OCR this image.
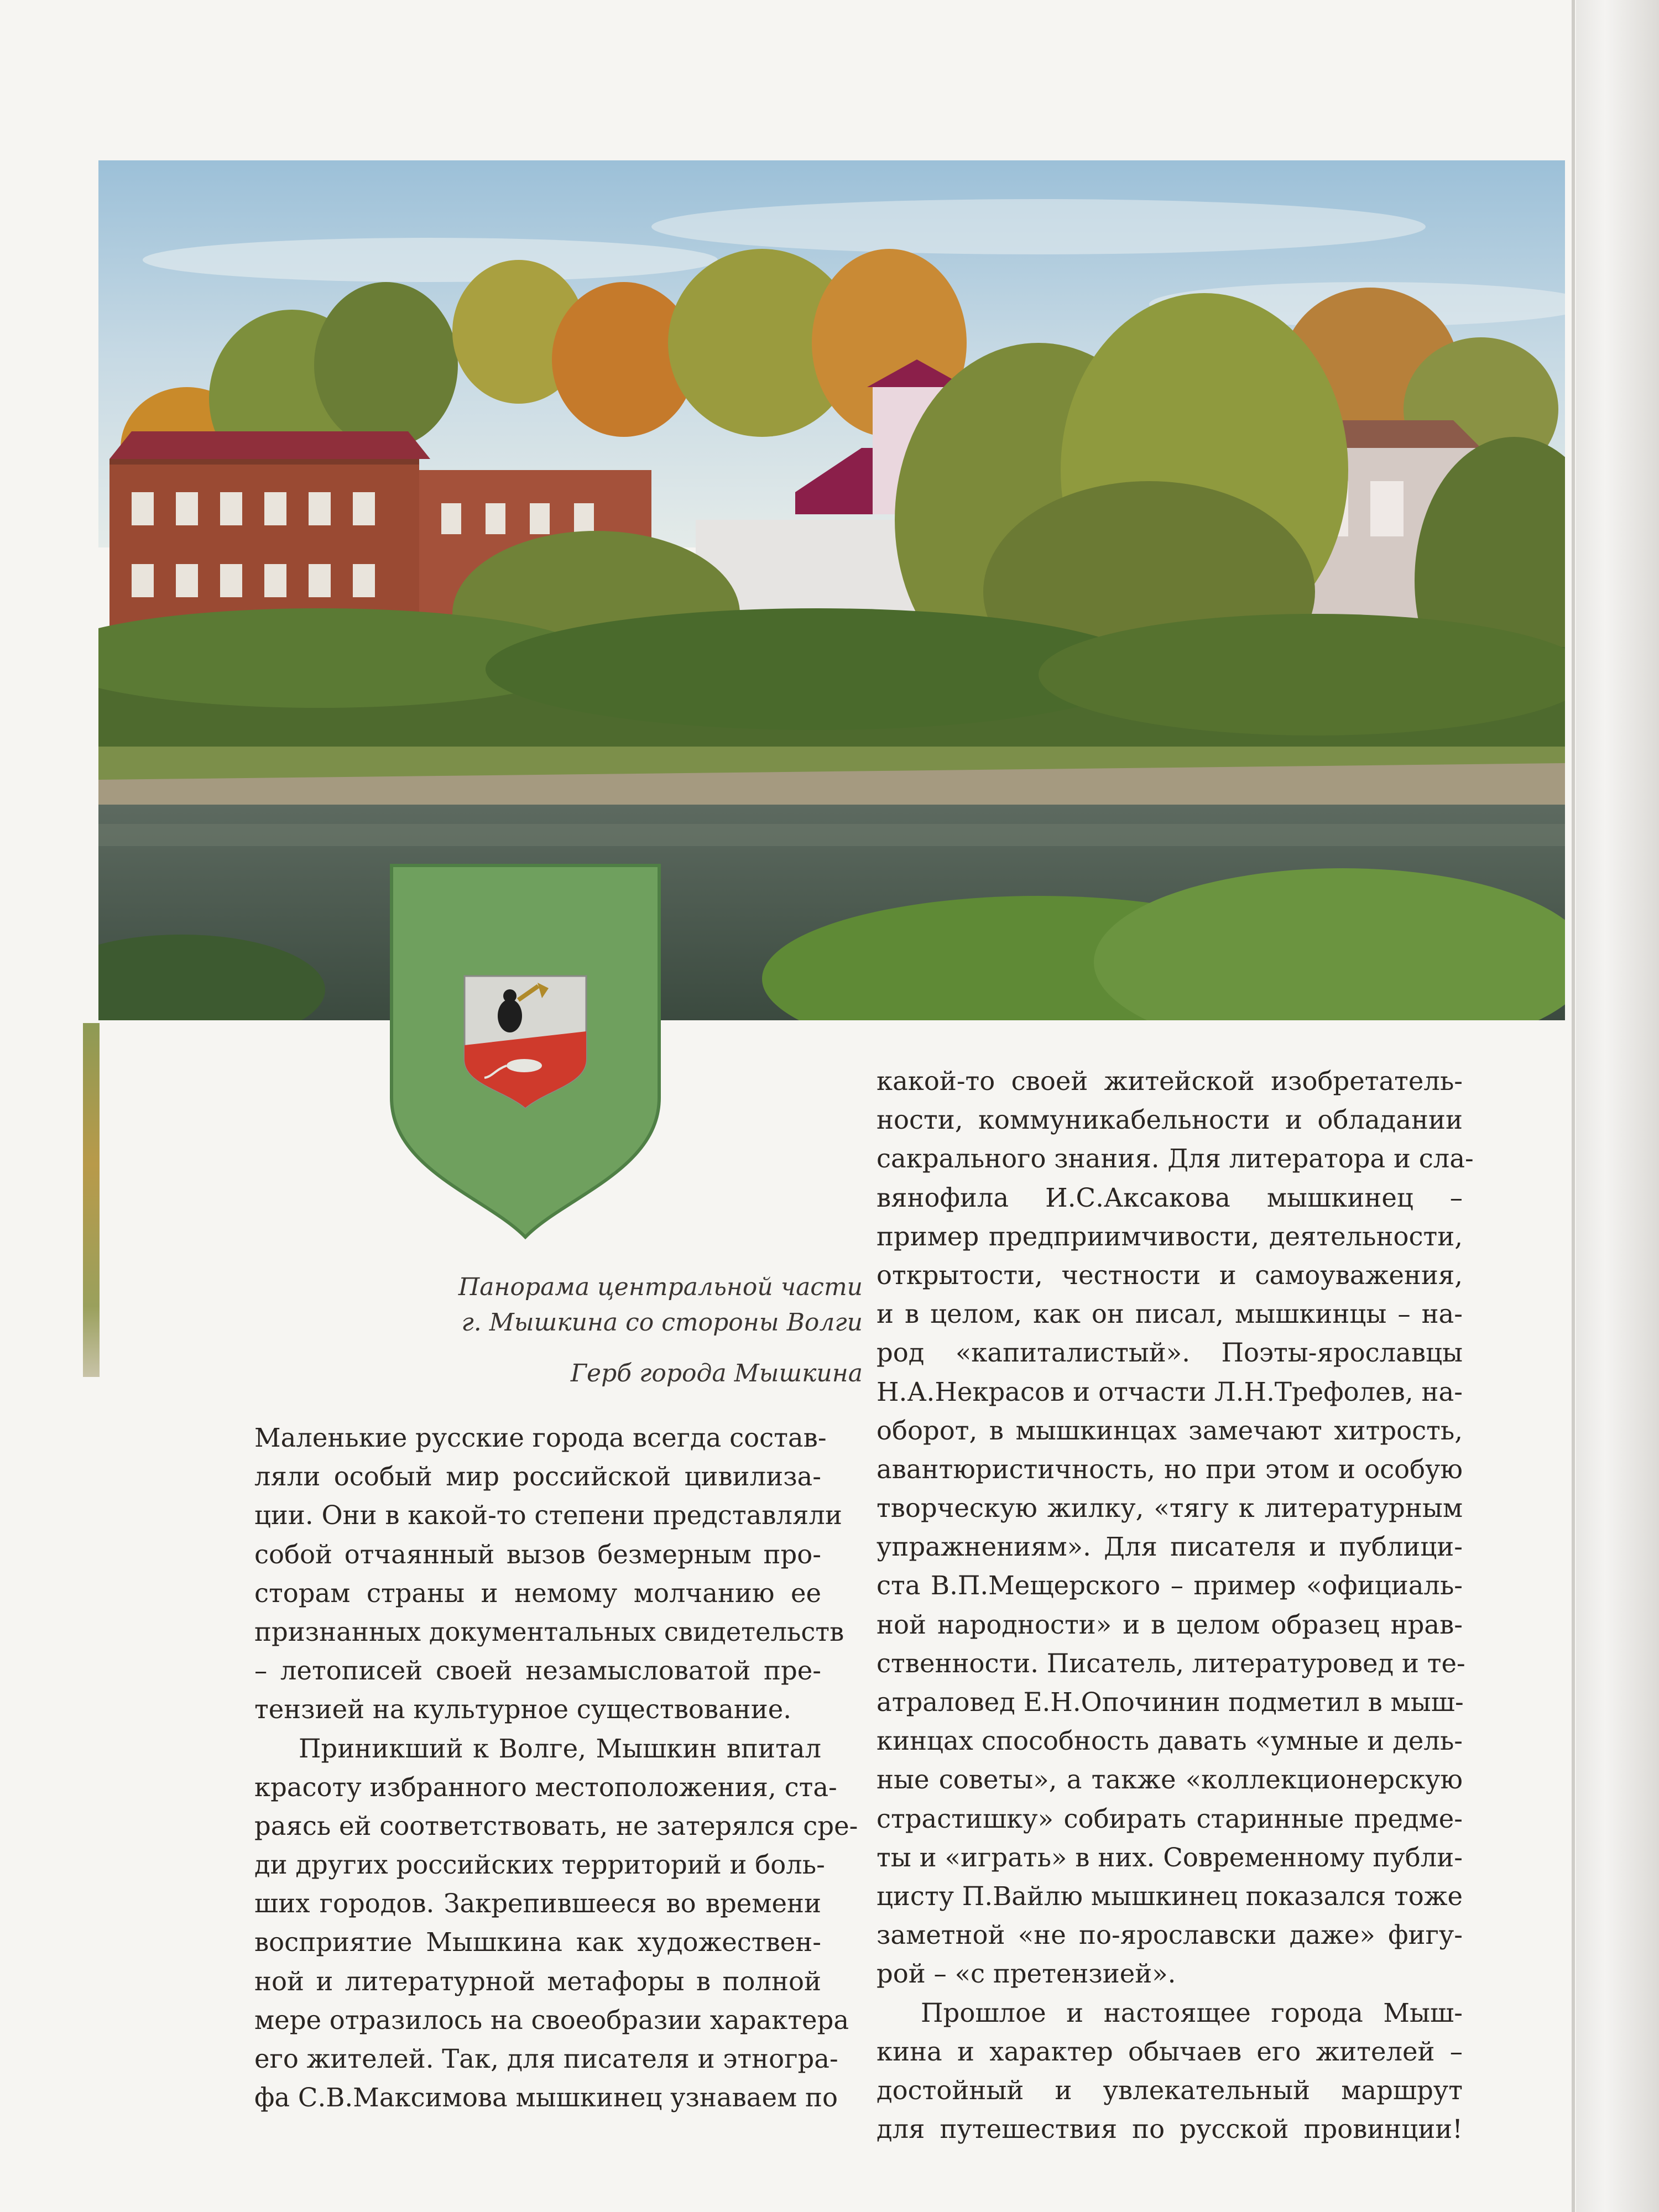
Панорама центральной части
г. Мышкина со стороны Волги
Герб города Мышкина
Маленькие русские города всегда состав-
ляли особый мир российской цивилиза-
ции. Они в какой-то степени представляли
собой отчаянный вызов безмерным про-
сторам страны и немому молчанию ее
признанных документальных свидетельств
– летописей своей незамысловатой пре-
тензией на культурное существование.
Приникший к Волге, Мышкин впитал
красоту избранного местоположения, ста-
раясь ей соответствовать, не затерялся сре-
ди других российских территорий и боль-
ших городов. Закрепившееся во времени
восприятие Мышкина как художествен-
ной и литературной метафоры в полной
мере отразилось на своеобразии характера
его жителей. Так, для писателя и этногра-
фа С.В.Максимова мышкинец узнаваем по
какой-то своей житейской изобретатель-
ности, коммуникабельности и обладании
сакрального знания. Для литератора и сла-
вянофила И.С.Аксакова мышкинец –
пример предприимчивости, деятельности,
открытости, честности и самоуважения,
и в целом, как он писал, мышкинцы – на-
род «капиталистый». Поэты-ярославцы
Н.А.Некрасов и отчасти Л.Н.Трефолев, на-
оборот, в мышкинцах замечают хитрость,
авантюристичность, но при этом и особую
творческую жилку, «тягу к литературным
упражнениям». Для писателя и публици-
ста В.П.Мещерского – пример «официаль-
ной народности» и в целом образец нрав-
ственности. Писатель, литературовед и те-
атраловед Е.Н.Опочинин подметил в мыш-
кинцах способность давать «умные и дель-
ные советы», а также «коллекционерскую
страстишку» собирать старинные предме-
ты и «играть» в них. Современному публи-
цисту П.Вайлю мышкинец показался тоже
заметной «не по-ярославски даже» фигу-
рой – «с претензией».
Прошлое и настоящее города Мыш-
кина и характер обычаев его жителей –
достойный и увлекательный маршрут
для путешествия по русской провинции!
